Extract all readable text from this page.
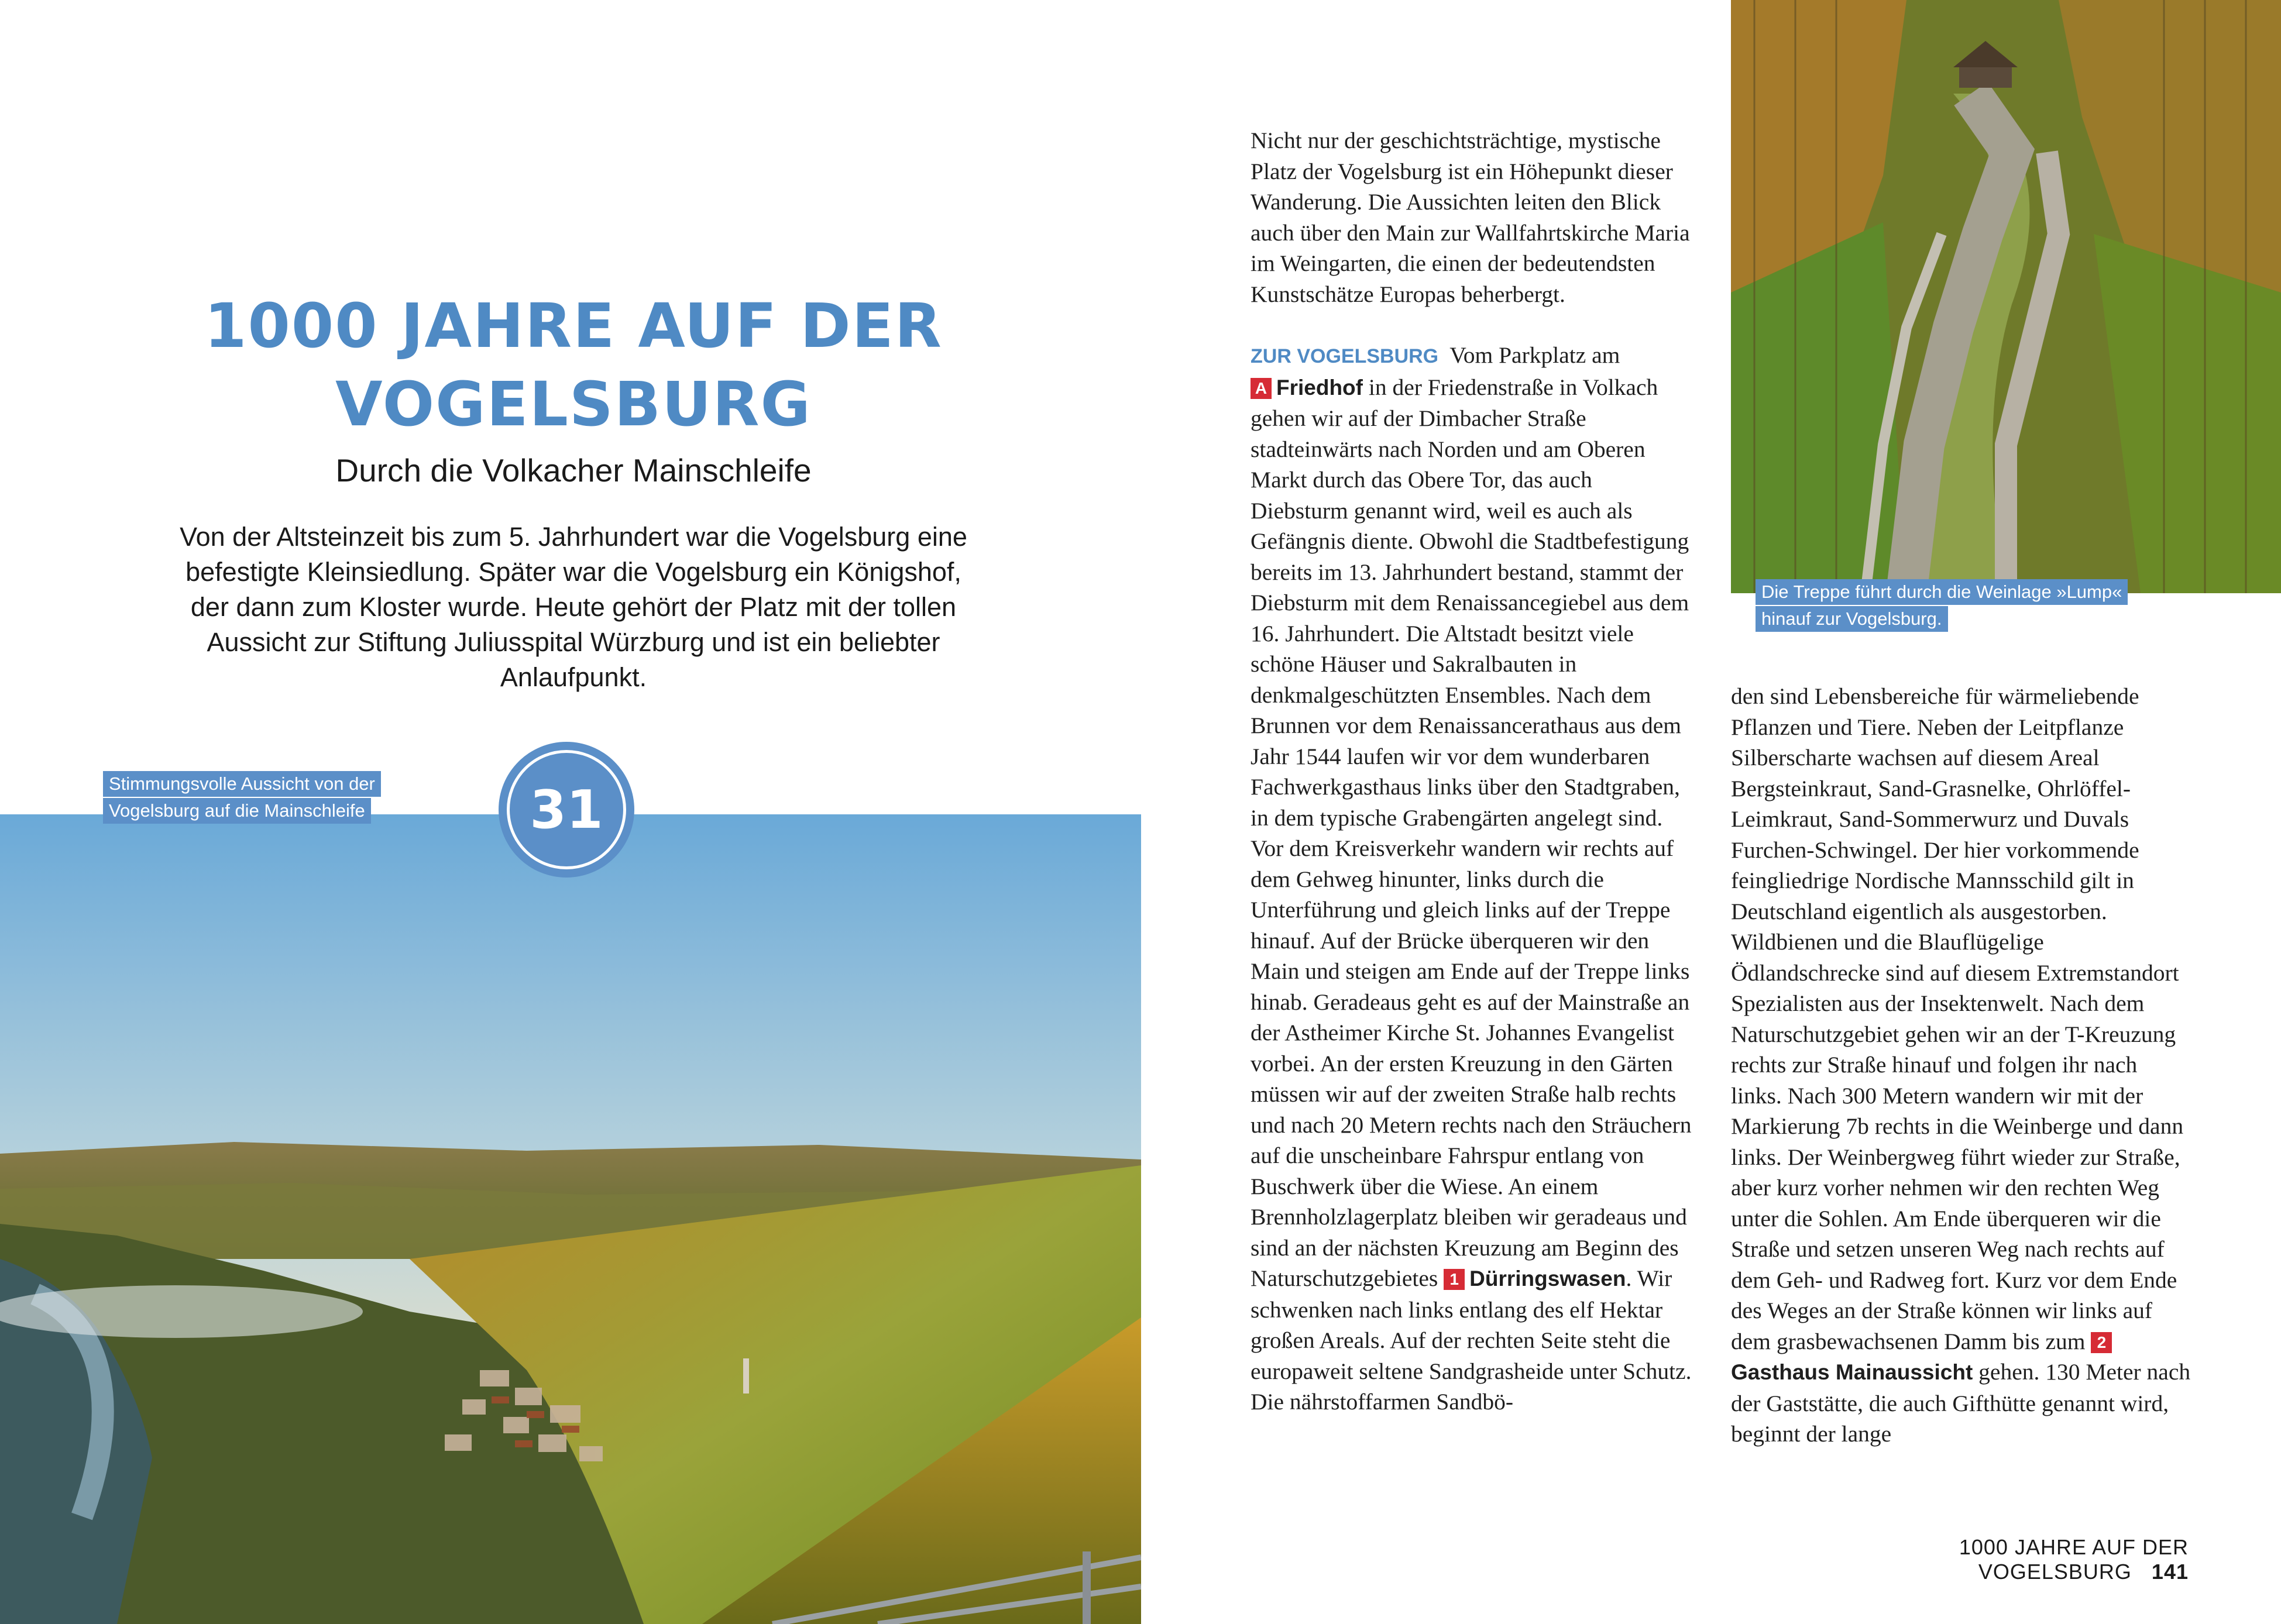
1000 JAHRE AUF DER
VOGELSBURG
Durch die Volkacher Mainschleife
Von der Altsteinzeit bis zum 5. Jahrhundert war die Vogelsburg eine befestigte Kleinsiedlung. Später war die Vogelsburg ein Königshof, der dann zum Kloster wurde. Heute gehört der Platz mit der tollen Aussicht zur Stiftung Juliusspital Würzburg und ist ein beliebter Anlaufpunkt.
Stimmungsvolle Aussicht von der
Vogelsburg auf die Mainschleife	31

Nicht nur der geschichtsträchtige, mystische Platz der Vogelsburg ist ein Höhepunkt dieser Wanderung. Die Aussichten leiten den Blick auch über den Main zur Wallfahrtskirche Maria im Weingarten, die einen der bedeutendsten Kunstschätze Europas beherbergt.

ZUR VOGELSBURG Vom Parkplatz am
A Friedhof in der Friedenstraße in Volkach gehen wir auf der Dimbacher Straße stadteinwärts nach Norden und am Oberen Markt durch das Obere Tor, das auch Diebsturm genannt wird, weil es auch als Gefängnis diente. Obwohl die Stadtbefestigung bereits im 13. Jahrhundert bestand, stammt der Diebsturm mit dem Renaissancegiebel aus dem 16. Jahrhundert. Die Altstadt besitzt viele schöne Häuser und Sakralbauten in denkmalgeschützten Ensembles. Nach dem Brunnen vor dem Renaissancerathaus aus dem Jahr 1544 laufen wir vor dem wunderbaren Fachwerkgasthaus links über den Stadtgraben, in dem typische Grabengärten angelegt sind. Vor dem Kreisverkehr wandern wir rechts auf dem Gehweg hinunter, links durch die Unterführung und gleich links auf der Treppe hinauf. Auf der Brücke überqueren wir den Main und steigen am Ende auf der Treppe links hinab. Geradeaus geht es auf der Mainstraße an der Astheimer Kirche St. Johannes Evangelist vorbei. An der ersten Kreuzung in den Gärten müssen wir auf der zweiten Straße halb rechts und nach 20 Metern rechts nach den Sträuchern auf die unscheinbare Fahrspur entlang von Buschwerk über die Wiese. An einem Brennholzlagerplatz bleiben wir geradeaus und sind an der nächsten Kreuzung am Beginn des Naturschutzgebietes 1 Dürringswasen. Wir schwenken nach links entlang des elf Hektar großen Areals. Auf der rechten Seite steht die europaweit seltene Sandgrasheide unter Schutz. Die nährstoffarmen Sandbö-

Die Treppe führt durch die Weinlage »Lump«
hinauf zur Vogelsburg.

den sind Lebensbereiche für wärmeliebende Pflanzen und Tiere. Neben der Leitpflanze Silberscharte wachsen auf diesem Areal Bergsteinkraut, Sand-Grasnelke, Ohrlöffel-Leimkraut, Sand-Sommerwurz und Duvals Furchen-Schwingel. Der hier vorkommende feingliedrige Nordische Mannsschild gilt in Deutschland eigentlich als ausgestorben. Wildbienen und die Blauflügelige Ödlandschrecke sind auf diesem Extremstandort Spezialisten aus der Insektenwelt. Nach dem Naturschutzgebiet gehen wir an der T-Kreuzung rechts zur Straße hinauf und folgen ihr nach links. Nach 300 Metern wandern wir mit der Markierung 7b rechts in die Weinberge und dann links. Der Weinbergweg führt wieder zur Straße, aber kurz vorher nehmen wir den rechten Weg unter die Sohlen. Am Ende überqueren wir die Straße und setzen unseren Weg nach rechts auf dem Geh- und Radweg fort. Kurz vor dem Ende des Weges an der Straße können wir links auf dem grasbewachsenen Damm bis zum 2Gasthaus Mainaussicht gehen. 130 Meter nach der Gaststätte, die auch Gifthütte genannt wird, beginnt der lange

1000 JAHRE AUF DER VOGELSBURG 141
